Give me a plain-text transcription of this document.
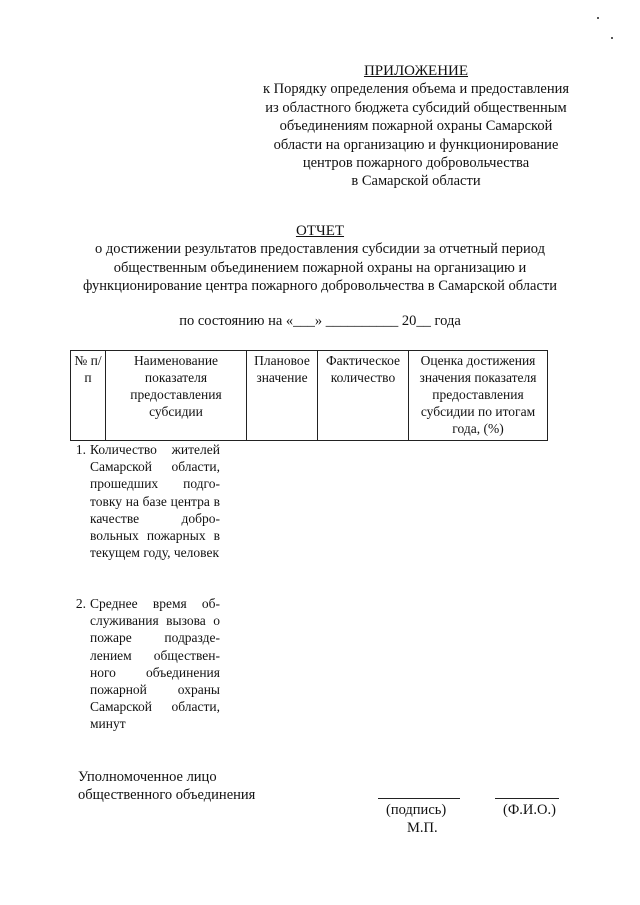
ПРИЛОЖЕНИЕ
к Порядку определения объема и предоставления
из областного бюджета субсидий общественным
объединениям пожарной охраны Самарской
области на организацию и функционирование
центров пожарного добровольчества
в Самарской области
ОТЧЕТ
о достижении результатов предоставления субсидии за отчетный период
общественным объединением пожарной охраны на организацию и
функционирование центра пожарного добровольчества в Самарской области
по состоянию на «___» __________ 20__ года
№ п/п	Наименование показателя предоставления субсидии	Плановое значение	Фактическое количество	Оценка достижения значения показателя предоставления субсидии по итогам года, (%)
1. Количество жителей Самарской области, прошедших подго-товку на базе центра в качестве добро-вольных пожарных в текущем году, человек
2. Среднее время об-служивания вызова о пожаре подразде-лением обществен-ного объединения пожарной охраны Самарской области, минут
Уполномоченное лицо
общественного объединения
(подпись)	(Ф.И.О.)
М.П.
